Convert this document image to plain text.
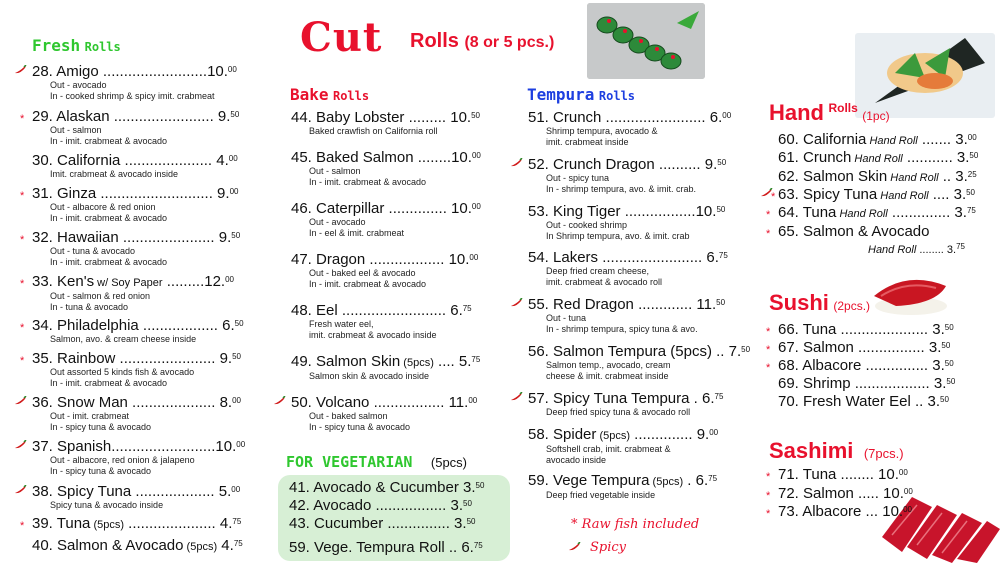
Cut Rolls (8 or 5 pcs.)
Fresh Rolls
28. Amigo .........................10.00
Out - avocado
In - cooked shrimp & spicy imit. crabmeat
* 29. Alaskan ........................ 9.50
Out - salmon
In - imit. crabmeat & avocado
30. California ..................... 4.00
Imit. crabmeat & avocado inside
* 31. Ginza ........................... 9.00
Out - albacore & red onion
In - imit. crabmeat & avocado
* 32. Hawaiian ...................... 9.50
Out - tuna & avocado
In - imit. crabmeat & avocado
* 33. Ken's w/ Soy Paper .........12.00
Out - salmon & red onion
In - tuna & avocado
* 34. Philadelphia .................. 6.50
Salmon, avo. & cream cheese inside
* 35. Rainbow ....................... 9.50
Out assorted 5 kinds fish & avocado
In - imit. crabmeat & avocado
36. Snow Man .................... 8.00
Out - imit. crabmeat
In - spicy tuna & avocado
37. Spanish.........................10.00
Out - albacore, red onion & jalapeno
In - spicy tuna & avocado
38. Spicy Tuna ................... 5.00
Spicy tuna & avocado inside
* 39. Tuna (5pcs) ..................... 4.75
40. Salmon & Avocado (5pcs) 4.75
Bake Rolls
44. Baby Lobster ......... 10.50
Baked crawfish on California roll
45. Baked Salmon ........10.00
Out - salmon
In - imit. crabmeat & avocado
46. Caterpillar .............. 10.00
Out - avocado
In - eel & imit. crabmeat
47. Dragon .................. 10.00
Out - baked eel & avocado
In - imit. crabmeat & avocado
48. Eel ......................... 6.75
Fresh water eel,
imit. crabmeat & avocado inside
49. Salmon Skin (5pcs) .... 5.75
Salmon skin & avocado inside
50. Volcano ................. 11.00
Out - baked salmon
In - spicy tuna & avocado
FOR VEGETARIAN (5pcs)
41. Avocado & Cucumber 3.50
42. Avocado ................. 3.50
43. Cucumber ............... 3.50
59. Vege. Tempura Roll .. 6.75
Tempura Rolls
51. Crunch ........................ 6.00
Shrimp tempura, avocado &
imit. crabmeat inside
52. Crunch Dragon .......... 9.50
Out - spicy tuna
In - shrimp tempura, avo. & imit. crab.
53. King Tiger .................10.50
Out - cooked shrimp
In Shrimp tempura, avo. & imit. crab
54. Lakers ........................ 6.75
Deep fried cream cheese,
imit. crabmeat & avocado roll
55. Red Dragon ............. 11.50
Out - tuna
In - shrimp tempura, spicy tuna & avo.
56. Salmon Tempura (5pcs) .. 7.50
Salmon temp., avocado, cream
cheese & imit. crabmeat inside
57. Spicy Tuna Tempura . 6.75
Deep fried spicy tuna & avocado roll
58. Spider (5pcs) .............. 9.00
Softshell crab, imit. crabmeat &
avocado inside
59. Vege Tempura (5pcs) . 6.75
Deep fried vegetable inside
* Raw fish included
Spicy
Hand $^{Rolls}$ (1pc)
60. California Hand Roll ....... 3.00
61. Crunch Hand Roll ........... 3.50
62. Salmon Skin Hand Roll .. 3.25
* 63. Spicy Tuna Hand Roll .... 3.50
* 64. Tuna Hand Roll .............. 3.75
* 65. Salmon & Avocado
Hand Roll ........ 3.75
Sushi (2pcs.)
* 66. Tuna ..................... 3.50
* 67. Salmon ................ 3.50
* 68. Albacore ............... 3.50
69. Shrimp .................. 3.50
70. Fresh Water Eel .. 3.50
Sashimi (7pcs.)
* 71. Tuna ........ 10.00
* 72. Salmon ..... 10.00
* 73. Albacore ... 10.00
